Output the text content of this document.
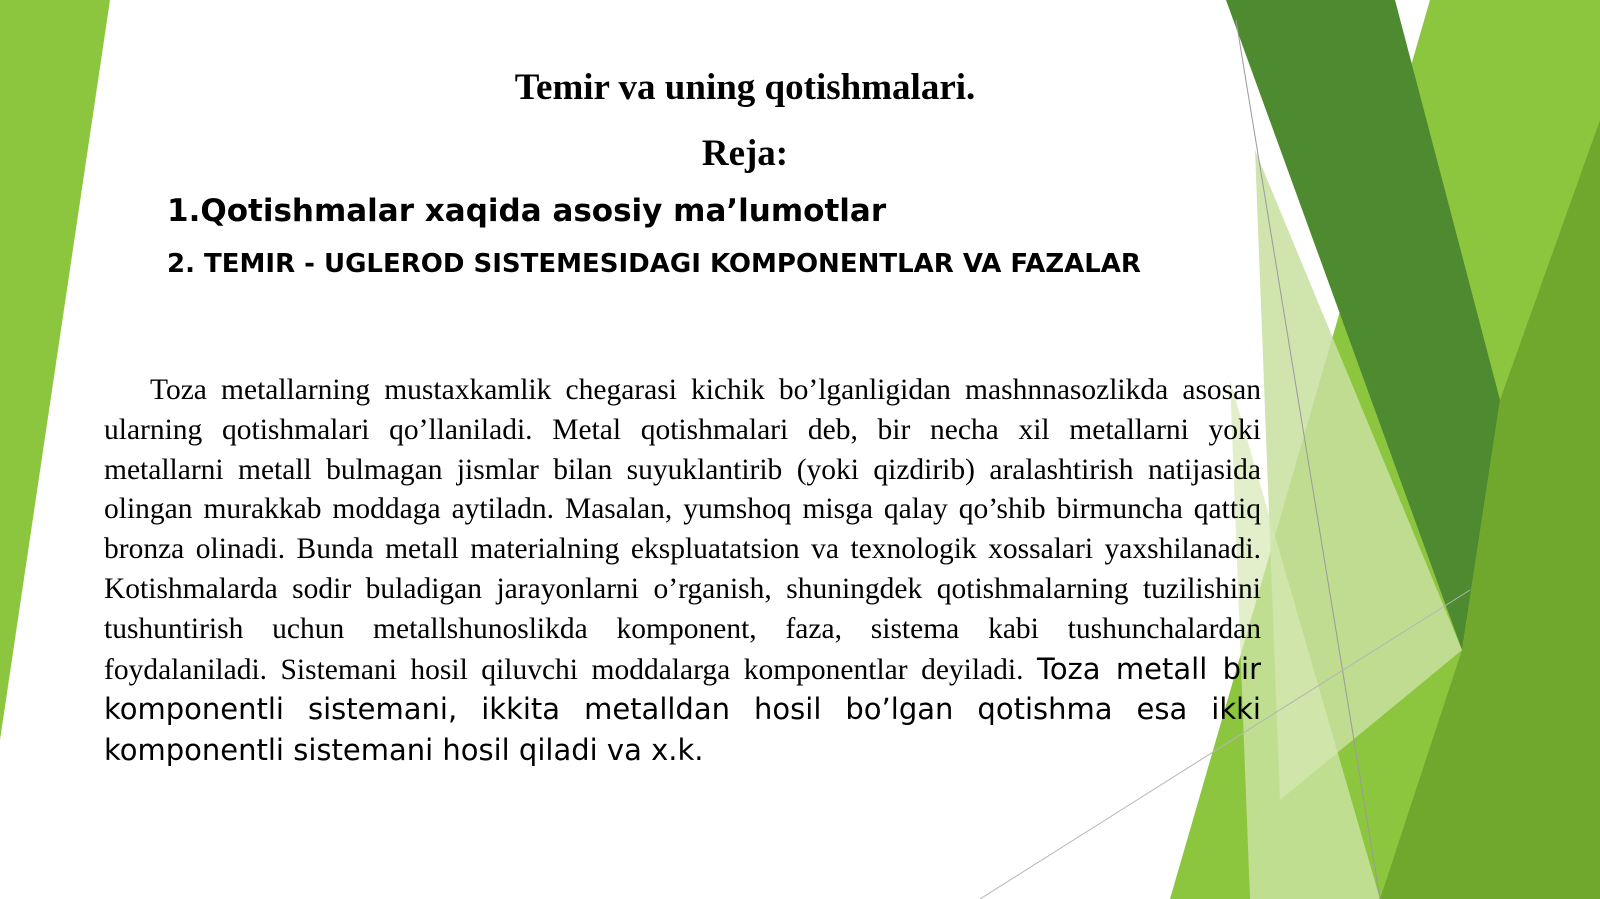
Temir va uning qotishmalari.
Reja:

1.Qotishmalar xaqida asosiy ma’lumotlar

2. TEMIR - UGLEROD SISTEMESIDAGI KOMPONENTLAR VA FAZALAR

Toza metallarning mustaxkamlik chegarasi kichik bo’lganligidan mashnnasozlikda asosan ularning qotishmalari qo’llaniladi. Metal qotishmalari deb, bir necha xil metallarni yoki metallarni metall bulmagan jismlar bilan suyuklantirib (yoki qizdirib) aralashtirish natijasida olingan murakkab moddaga aytiladn. Masalan, yumshoq misga qalay qo’shib birmuncha qattiq bronza olinadi. Bunda metall materialning ekspluatatsion va texnologik xossalari yaxshilanadi. Kotishmalarda sodir buladigan jarayonlarni o’rganish, shuningdek qotishmalarning tuzilishini tushuntirish uchun metallshunoslikda komponent, faza, sistema kabi tushunchalardan foydalaniladi. Sistemani hosil qiluvchi moddalarga komponentlar deyiladi. Toza metall bir komponentli sistemani, ikkita metalldan hosil bo’lgan qotishma esa ikki komponentli sistemani hosil qiladi va x.k.
